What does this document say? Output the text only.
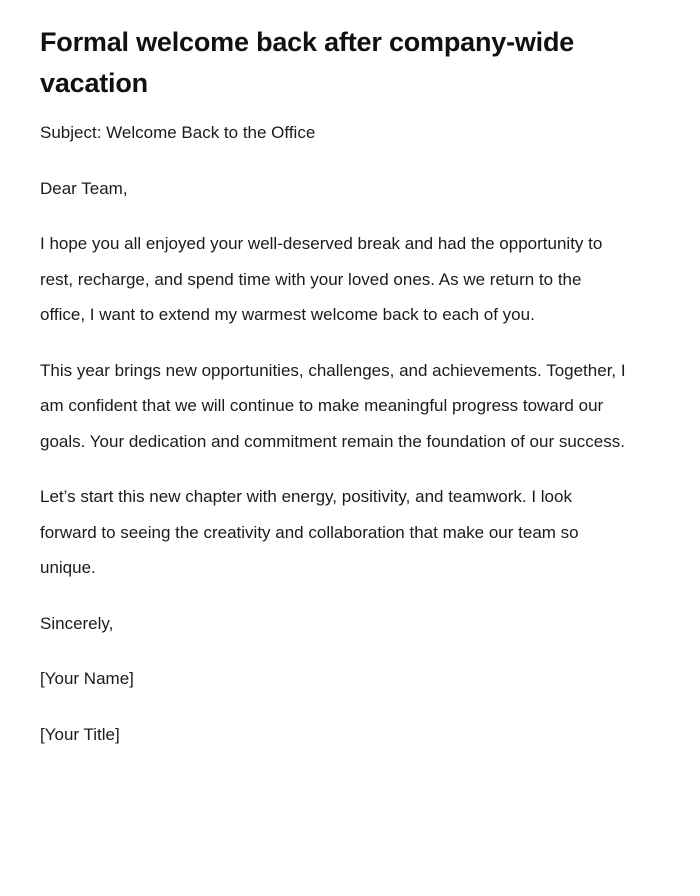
Formal welcome back after company-wide vacation

Subject: Welcome Back to the Office

Dear Team,

I hope you all enjoyed your well-deserved break and had the opportunity to rest, recharge, and spend time with your loved ones. As we return to the office, I want to extend my warmest welcome back to each of you.

This year brings new opportunities, challenges, and achievements. Together, I am confident that we will continue to make meaningful progress toward our goals. Your dedication and commitment remain the foundation of our success.

Let’s start this new chapter with energy, positivity, and teamwork. I look forward to seeing the creativity and collaboration that make our team so unique.

Sincerely,

[Your Name]

[Your Title]
